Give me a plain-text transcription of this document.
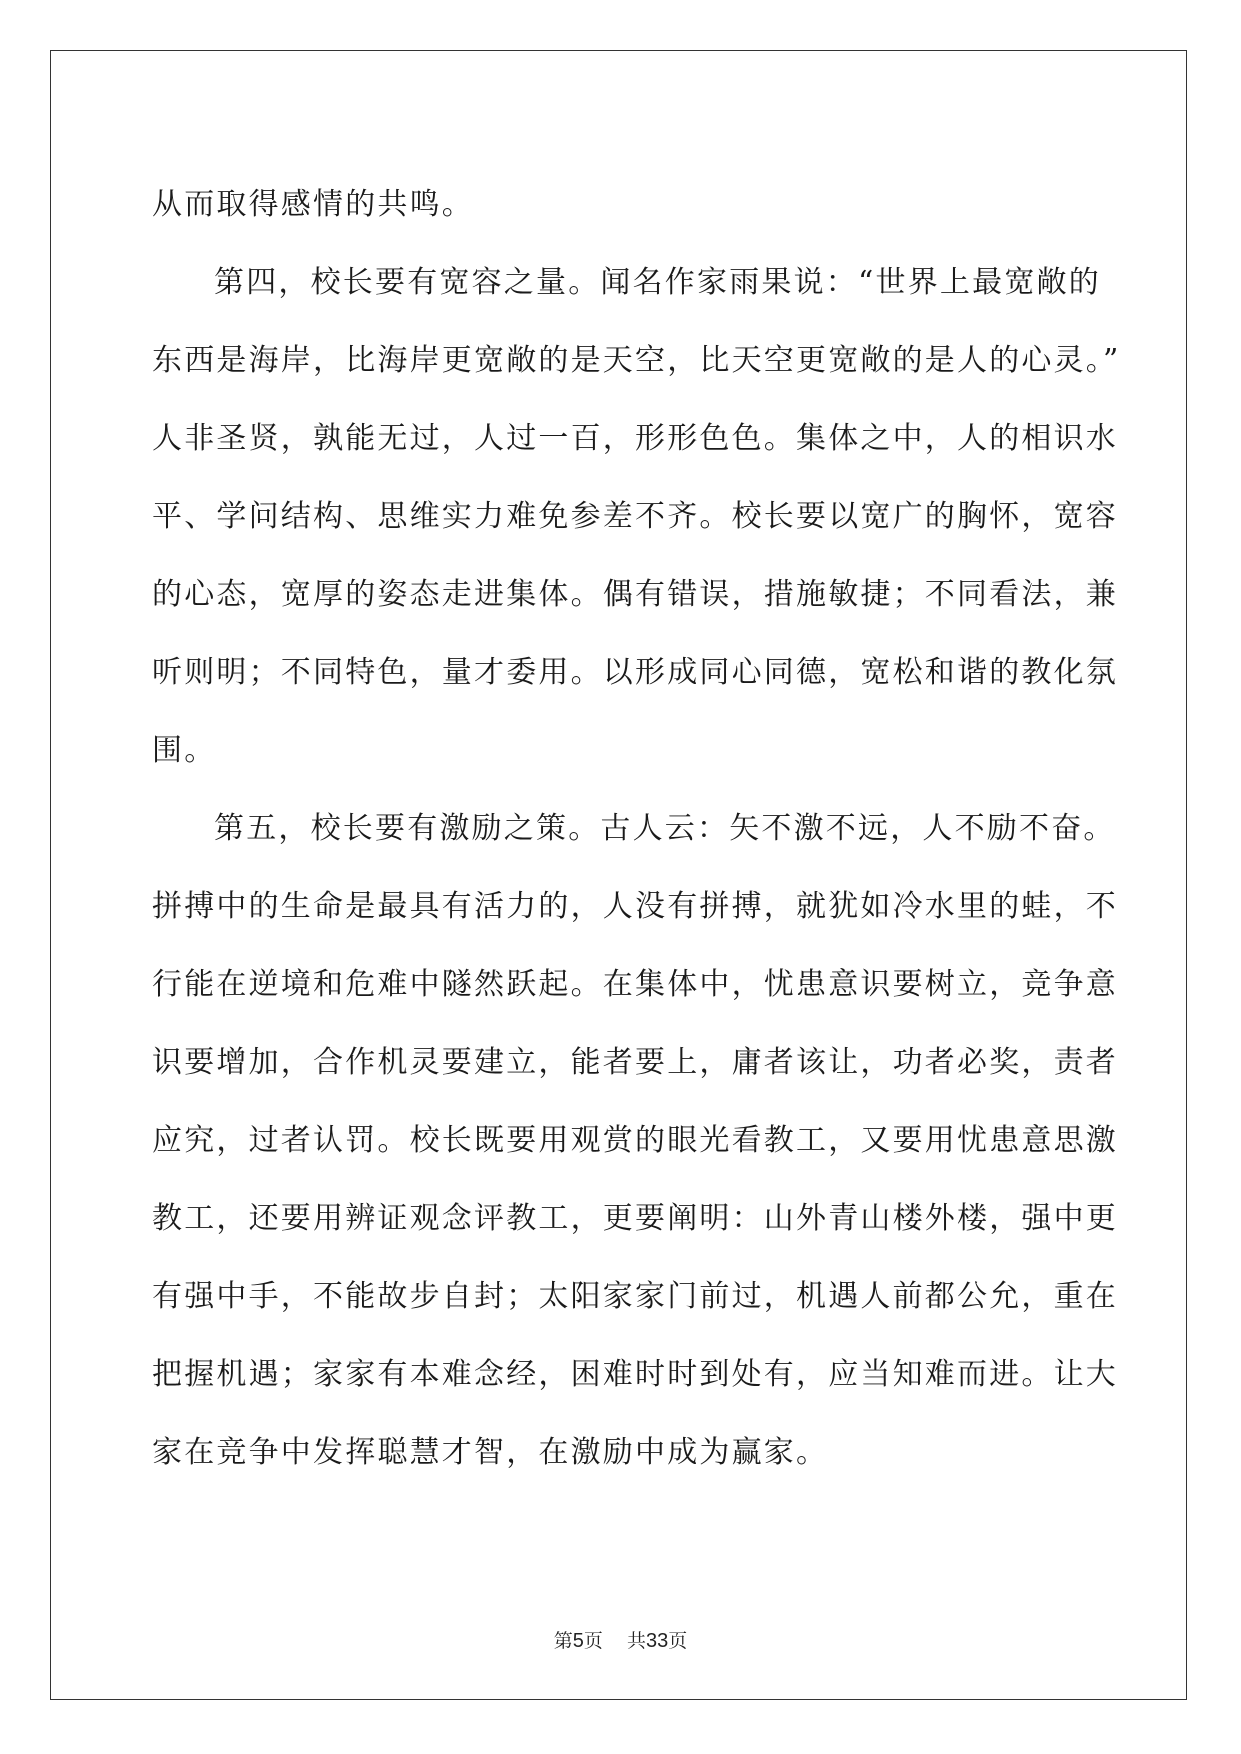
从而取得感情的共鸣。
第四，校长要有宽容之量。闻名作家雨果说：“世界上最宽敞的
东西是海岸，比海岸更宽敞的是天空，比天空更宽敞的是人的心灵。”
人非圣贤，孰能无过，人过一百，形形色色。集体之中，人的相识水
平、学问结构、思维实力难免参差不齐。校长要以宽广的胸怀，宽容
的心态，宽厚的姿态走进集体。偶有错误，措施敏捷；不同看法，兼
听则明；不同特色，量才委用。以形成同心同德，宽松和谐的教化氛
围。
第五，校长要有激励之策。古人云：矢不激不远，人不励不奋。
拼搏中的生命是最具有活力的，人没有拼搏，就犹如冷水里的蛙，不
行能在逆境和危难中隧然跃起。在集体中，忧患意识要树立，竞争意
识要增加，合作机灵要建立，能者要上，庸者该让，功者必奖，责者
应究，过者认罚。校长既要用观赏的眼光看教工，又要用忧患意思激
教工，还要用辨证观念评教工，更要阐明：山外青山楼外楼，强中更
有强中手，不能故步自封；太阳家家门前过，机遇人前都公允，重在
把握机遇；家家有本难念经，困难时时到处有，应当知难而进。让大
家在竞争中发挥聪慧才智，在激励中成为赢家。
第5页 共33页
